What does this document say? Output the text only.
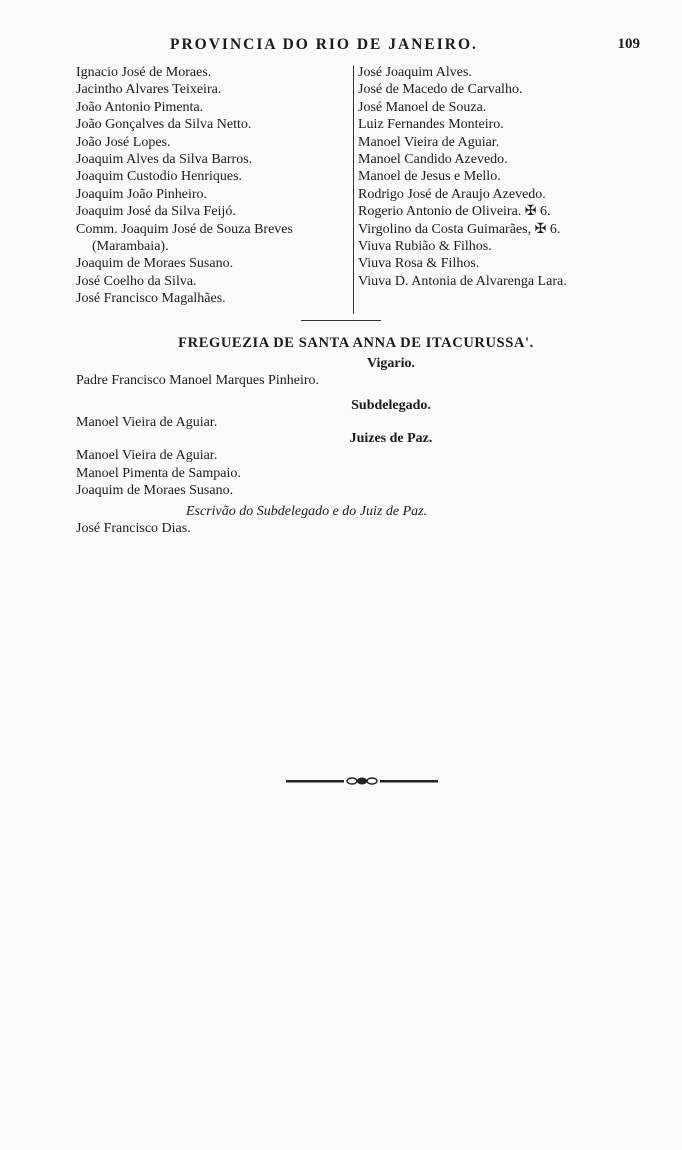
PROVINCIA DO RIO DE JANEIRO.	109
Ignacio José de Moraes.
Jacintho Alvares Teixeira.
João Antonio Pimenta.
João Gonçalves da Silva Netto.
João José Lopes.
Joaquim Alves da Silva Barros.
Joaquim Custodio Henriques.
Joaquim João Pinheiro.
Joaquim José da Silva Feijó.
Comm. Joaquim José de Souza Breves
(Marambaia).
Joaquim de Moraes Susano.
José Coelho da Silva.
José Francisco Magalhães.
José Joaquim Alves.
José de Macedo de Carvalho.
José Manoel de Souza.
Luiz Fernandes Monteiro.
Manoel Vieira de Aguiar.
Manoel Candido Azevedo.
Manoel de Jesus e Mello.
Rodrigo José de Araujo Azevedo.
Rogerio Antonio de Oliveira. ✠ 6.
Virgolino da Costa Guimarães, ✠ 6.
Viuva Rubião & Filhos.
Viuva Rosa & Filhos.
Viuva D. Antonia de Alvarenga Lara.
FREGUEZIA DE SANTA ANNA DE ITACURUSSA'.
Vigario.
Padre Francisco Manoel Marques Pinheiro.
Subdelegado.
Manoel Vieira de Aguiar.
Juizes de Paz.
Manoel Vieira de Aguiar.
Manoel Pimenta de Sampaio.
Joaquim de Moraes Susano.
Escrivão do Subdelegado e do Juiz de Paz.
José Francisco Dias.
